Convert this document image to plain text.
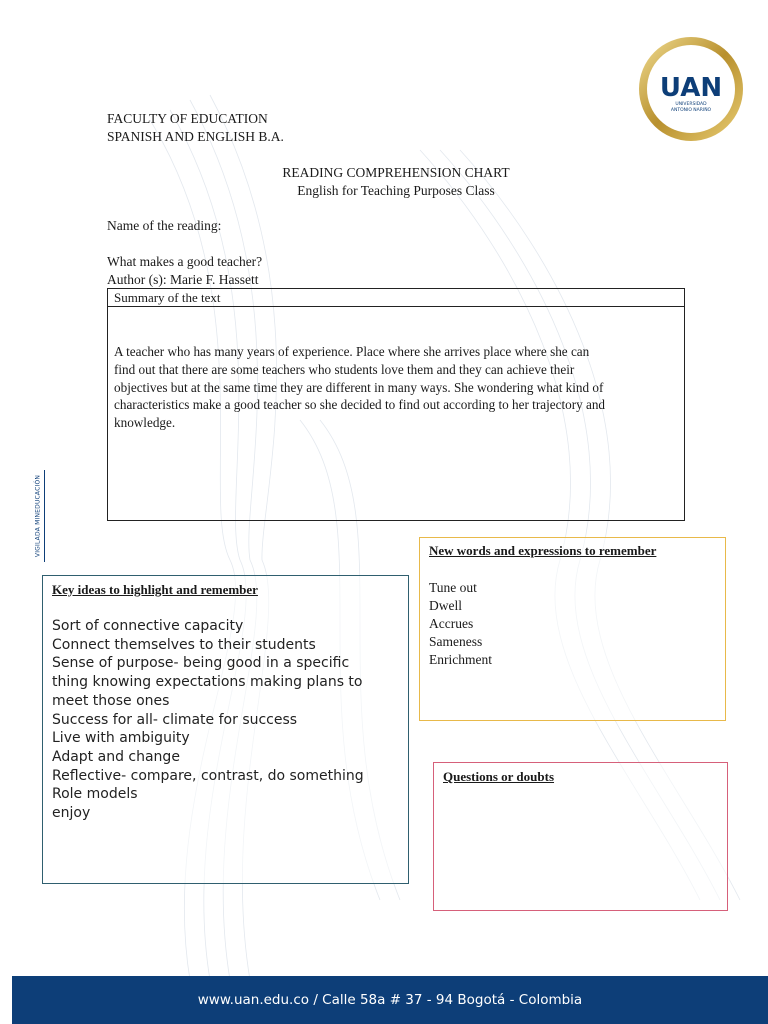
UAN
UNIVERSIDAD
ANTONIO NARIÑO
FACULTY OF EDUCATION
SPANISH AND ENGLISH B.A.
READING COMPREHENSION CHART
English for Teaching Purposes Class
Name of the reading:
What makes a good teacher?
Author (s): Marie F. Hassett
Summary of the text
A teacher who has many years of experience. Place where she arrives place where she can
find out that there are some teachers who students love them and they can achieve their
objectives but at the same time they are different in many ways. She wondering what kind of
characteristics make a good teacher so she decided to find out according to her trajectory and
knowledge.
VIGILADA MINEDUCACIÓN	New words and expressions to remember
Tune out
Dwell
Accrues
Sameness
Enrichment
Key ideas to highlight and remember
Sort of connective capacity
Connect themselves to their students
Sense of purpose- being good in a specific
thing knowing expectations making plans to
meet those ones
Success for all- climate for success
Live with ambiguity
Adapt and change
Reflective- compare, contrast, do something
Role models
enjoy
Questions or doubts
www.uan.edu.co / Calle 58a # 37 - 94 Bogotá - Colombia
